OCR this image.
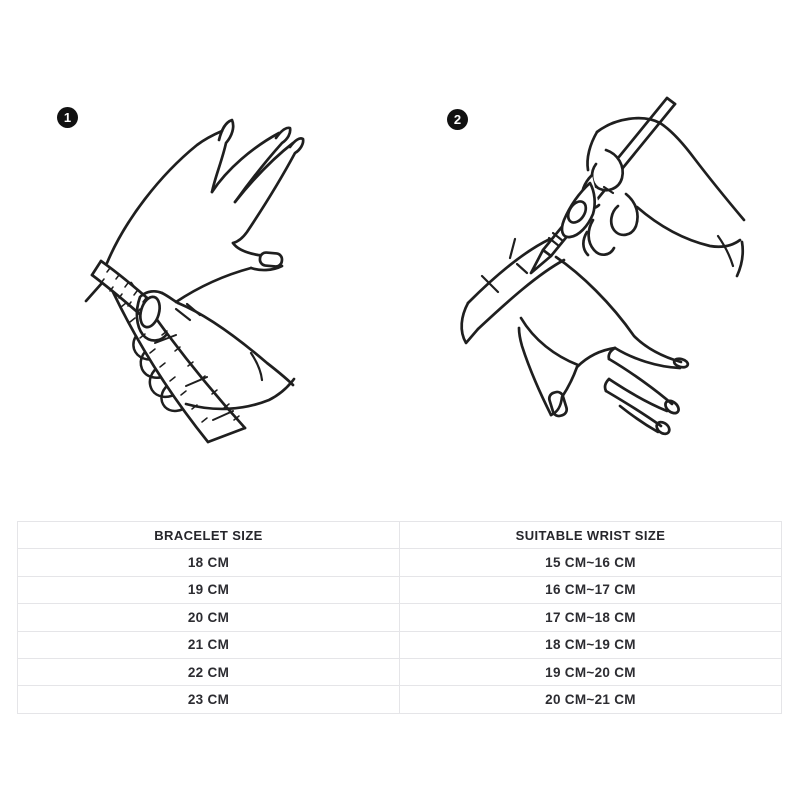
1	2
BRACELET SIZE	SUITABLE WRIST SIZE
18 CM	15 CM~16 CM
19 CM	16 CM~17 CM
20 CM	17 CM~18 CM
21 CM	18 CM~19 CM
22 CM	19 CM~20 CM
23 CM	20 CM~21 CM
